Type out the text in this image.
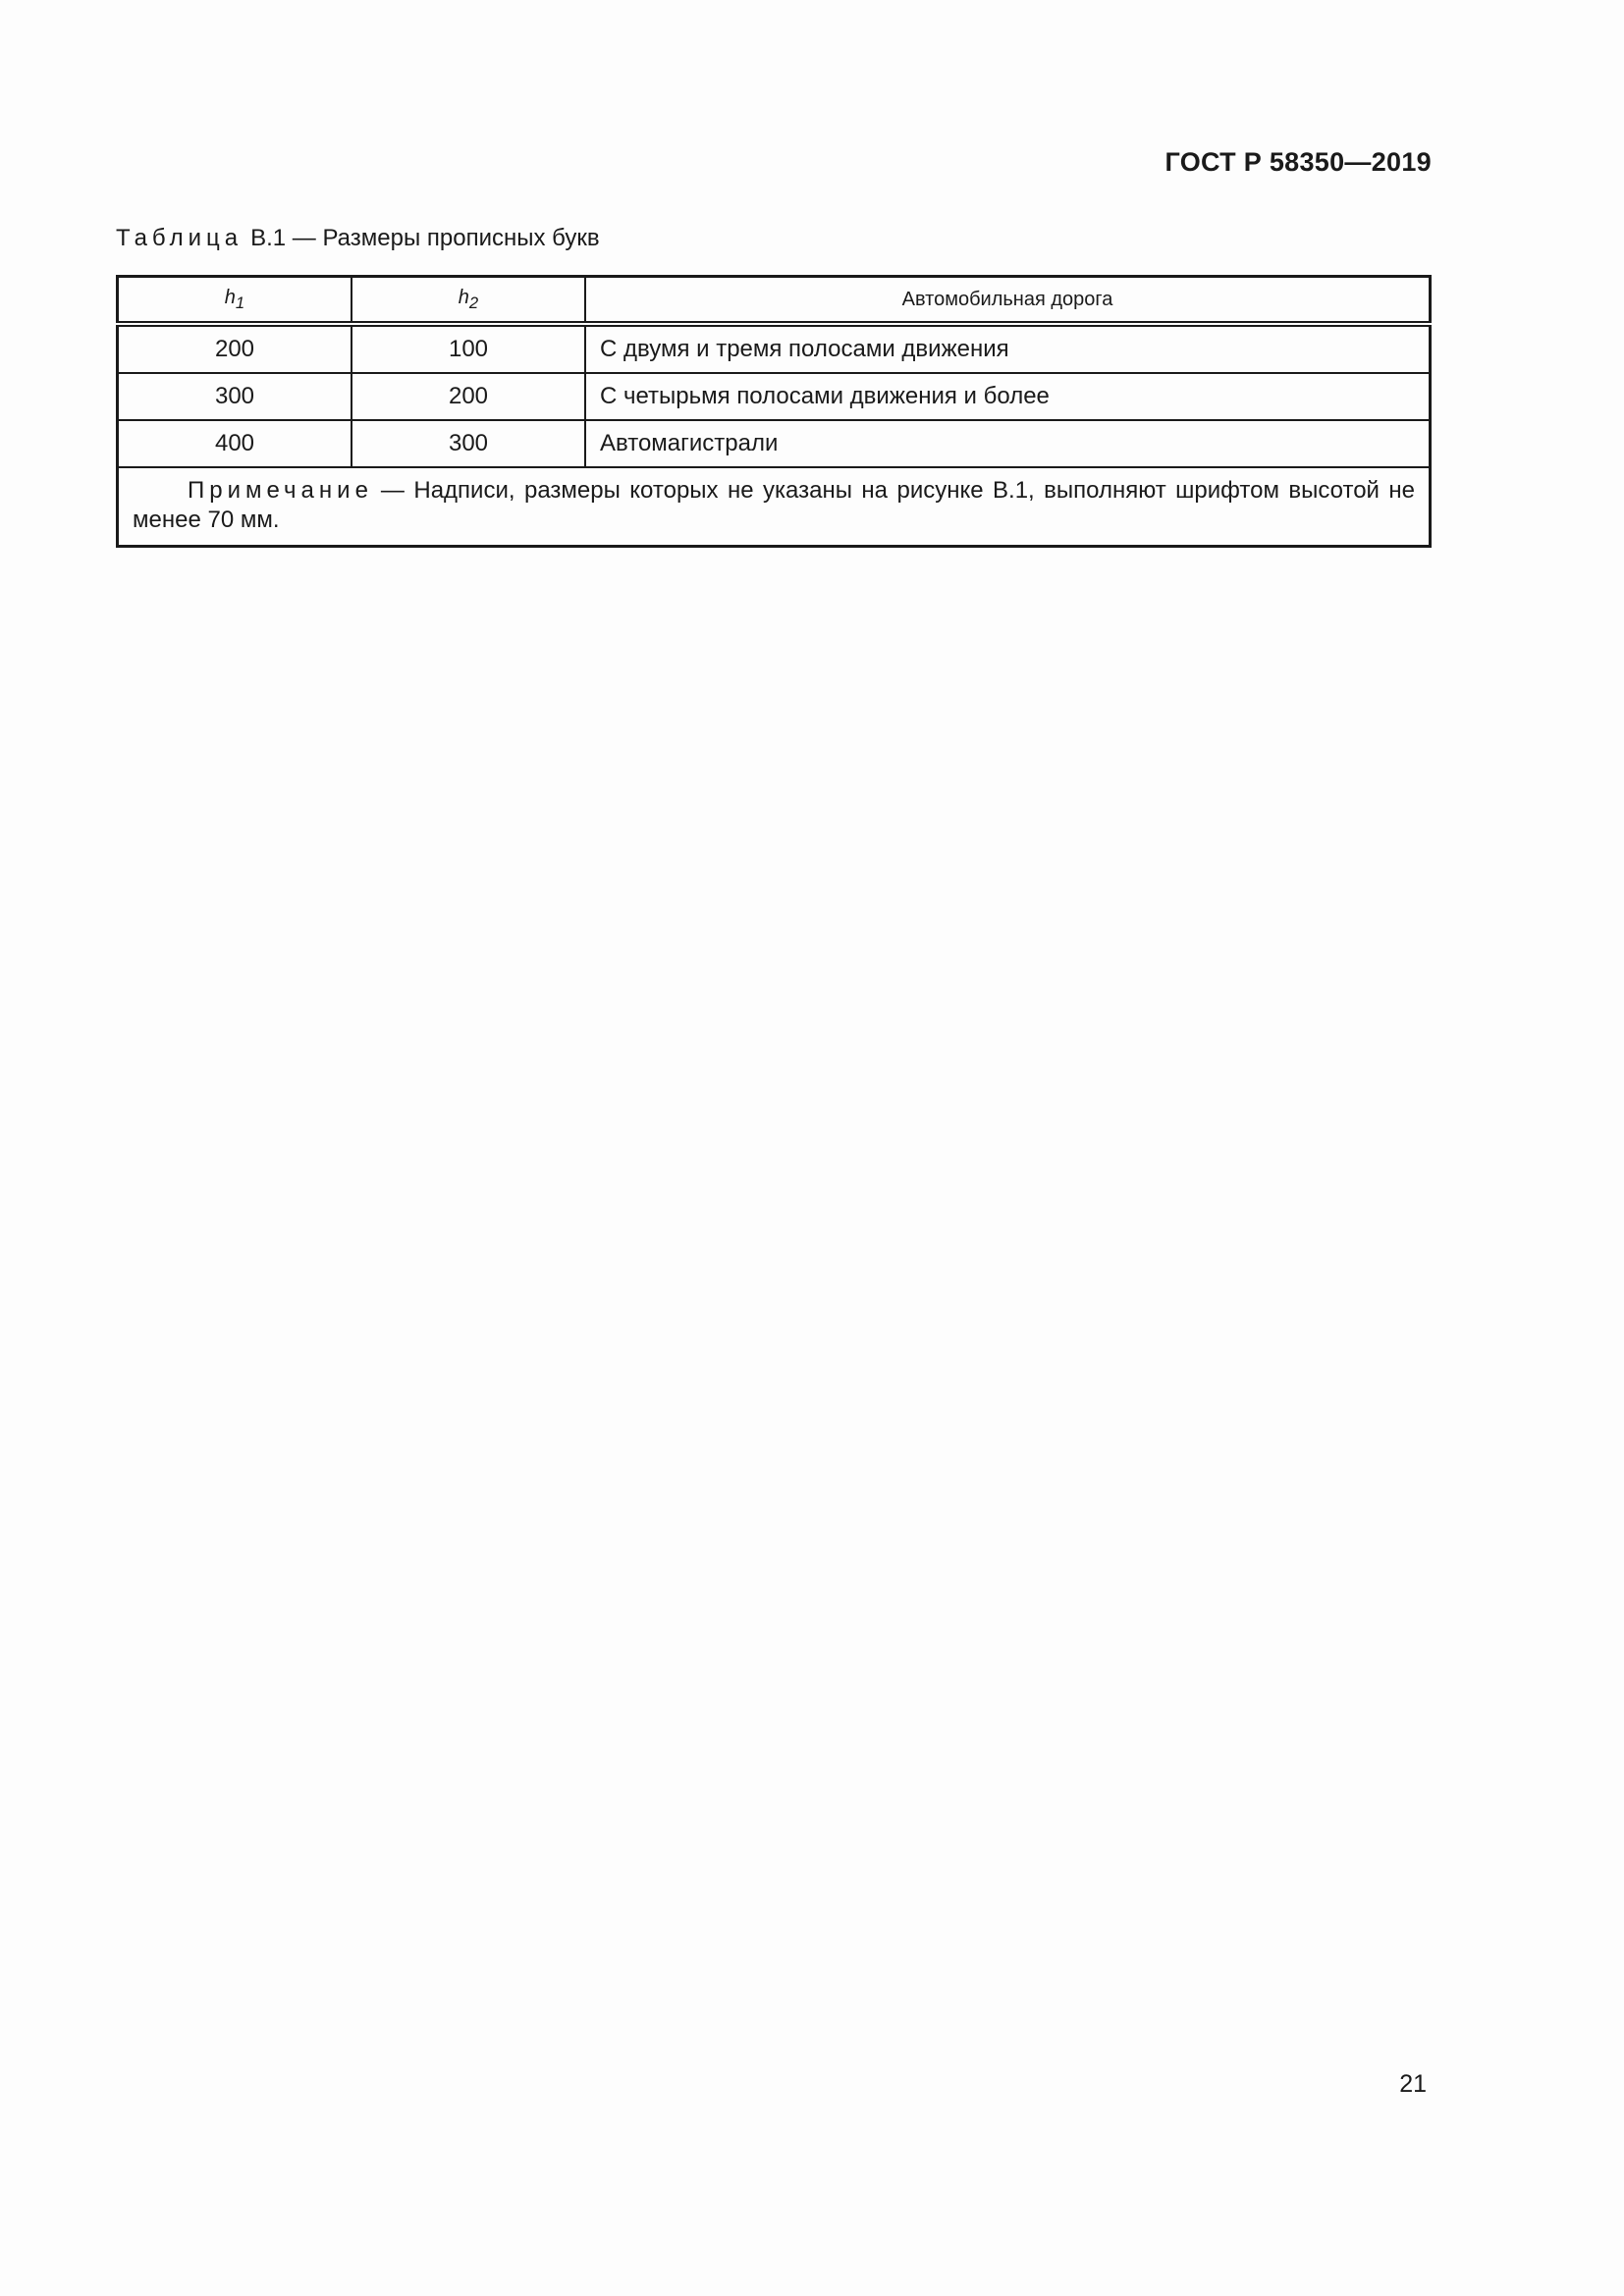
ГОСТ Р 58350—2019
Таблица В.1 — Размеры прописных букв
$h_1$	$h_2$	Автомобильная дорога
200	100	С двумя и тремя полосами движения
300	200	С четырьмя полосами движения и более
400	300	Автомагистрали
Примечание — Надписи, размеры которых не указаны на рисунке В.1, выполняют шрифтом высотой не менее 70 мм.		
21
